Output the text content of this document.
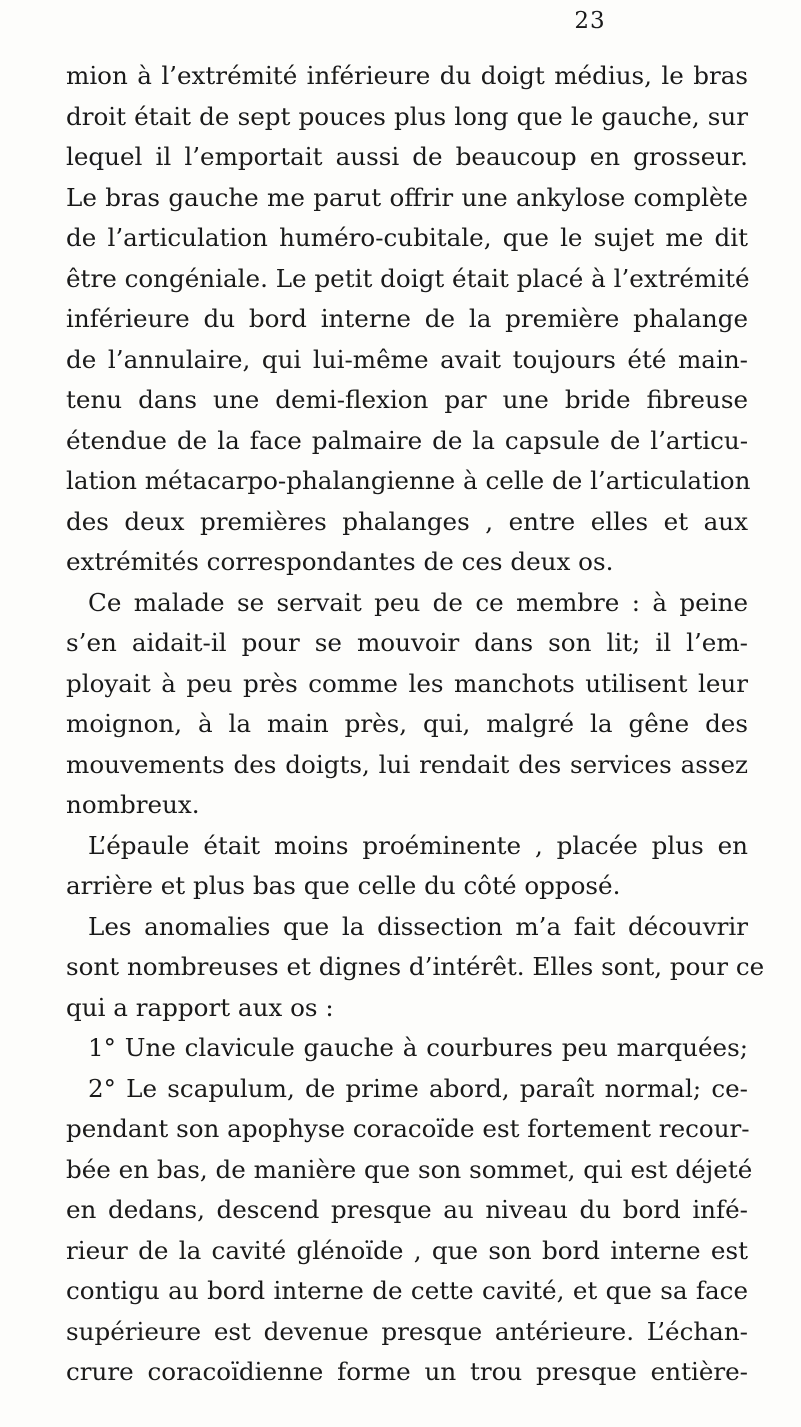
23
mion à l’extrémité inférieure du doigt médius, le bras
droit était de sept pouces plus long que le gauche, sur
lequel il l’emportait aussi de beaucoup en grosseur.
Le bras gauche me parut offrir une ankylose complète
de l’articulation huméro-cubitale, que le sujet me dit
être congéniale. Le petit doigt était placé à l’extrémité
inférieure du bord interne de la première phalange
de l’annulaire, qui lui-même avait toujours été main-
tenu dans une demi-flexion par une bride fibreuse
étendue de la face palmaire de la capsule de l’articu-
lation métacarpo-phalangienne à celle de l’articulation
des deux premières phalanges , entre elles et aux
extrémités correspondantes de ces deux os.
Ce malade se servait peu de ce membre : à peine
s’en aidait-il pour se mouvoir dans son lit; il l’em-
ployait à peu près comme les manchots utilisent leur
moignon, à la main près, qui, malgré la gêne des
mouvements des doigts, lui rendait des services assez
nombreux.
L’épaule était moins proéminente , placée plus en
arrière et plus bas que celle du côté opposé.
Les anomalies que la dissection m’a fait découvrir
sont nombreuses et dignes d’intérêt. Elles sont, pour ce
qui a rapport aux os :
1° Une clavicule gauche à courbures peu marquées;
2° Le scapulum, de prime abord, paraît normal; ce-
pendant son apophyse coracoïde est fortement recour-
bée en bas, de manière que son sommet, qui est déjeté
en dedans, descend presque au niveau du bord infé-
rieur de la cavité glénoïde , que son bord interne est
contigu au bord interne de cette cavité, et que sa face
supérieure est devenue presque antérieure. L’échan-
crure coracoïdienne forme un trou presque entière-
